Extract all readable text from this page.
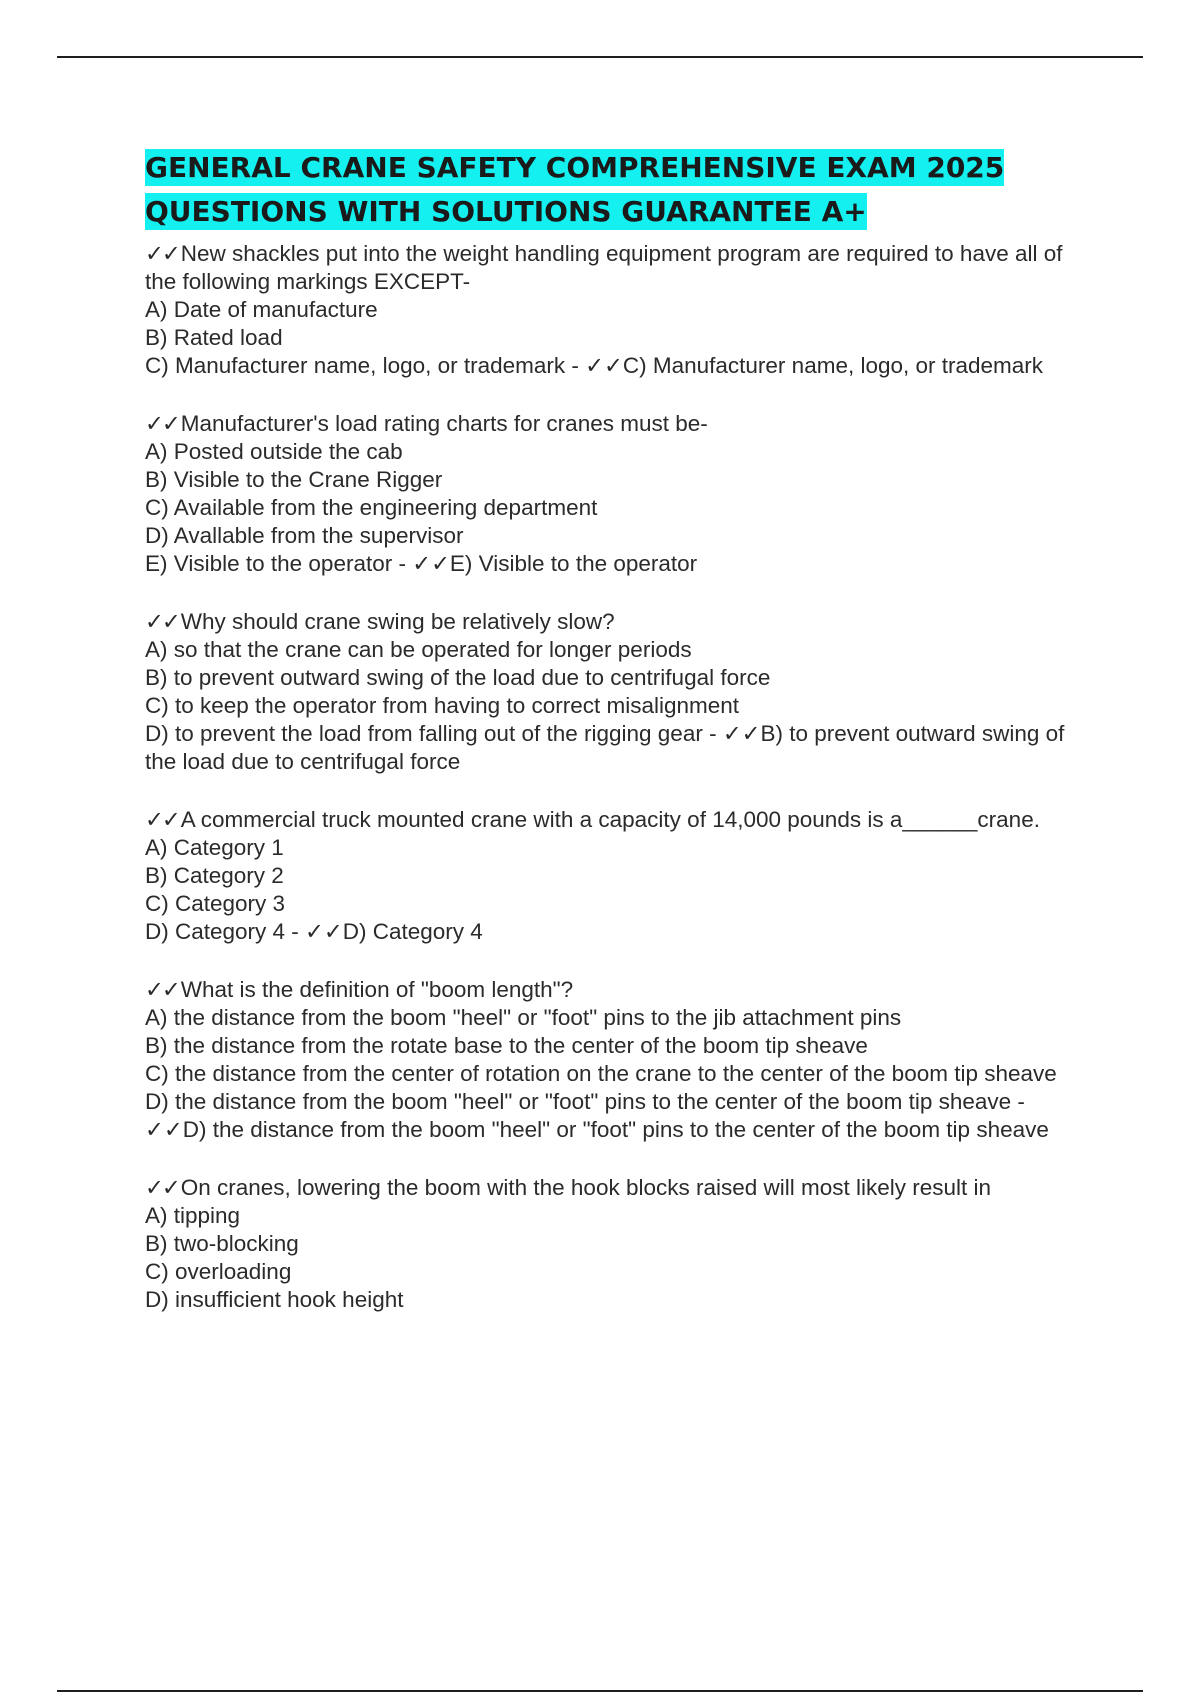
GENERAL CRANE SAFETY COMPREHENSIVE EXAM 2025
QUESTIONS WITH SOLUTIONS GUARANTEE A+
✓✓New shackles put into the weight handling equipment program are required to have all of the following markings EXCEPT-
A) Date of manufacture
B) Rated load
C) Manufacturer name, logo, or trademark - ✓✓C) Manufacturer name, logo, or trademark
✓✓Manufacturer's load rating charts for cranes must be-
A) Posted outside the cab
B) Visible to the Crane Rigger
C) Available from the engineering department
D) Avallable from the supervisor
E) Visible to the operator - ✓✓E) Visible to the operator
✓✓Why should crane swing be relatively slow?
A) so that the crane can be operated for longer periods
B) to prevent outward swing of the load due to centrifugal force
C) to keep the operator from having to correct misalignment
D) to prevent the load from falling out of the rigging gear - ✓✓B) to prevent outward swing of the load due to centrifugal force
✓✓A commercial truck mounted crane with a capacity of 14,000 pounds is a______crane.
A) Category 1
B) Category 2
C) Category 3
D) Category 4 - ✓✓D) Category 4
✓✓What is the definition of "boom length"?
A) the distance from the boom "heel" or "foot" pins to the jib attachment pins
B) the distance from the rotate base to the center of the boom tip sheave
C) the distance from the center of rotation on the crane to the center of the boom tip sheave
D) the distance from the boom "heel" or "foot" pins to the center of the boom tip sheave - ✓✓D) the distance from the boom "heel" or "foot" pins to the center of the boom tip sheave
✓✓On cranes, lowering the boom with the hook blocks raised will most likely result in
A) tipping
B) two-blocking
C) overloading
D) insufficient hook height
